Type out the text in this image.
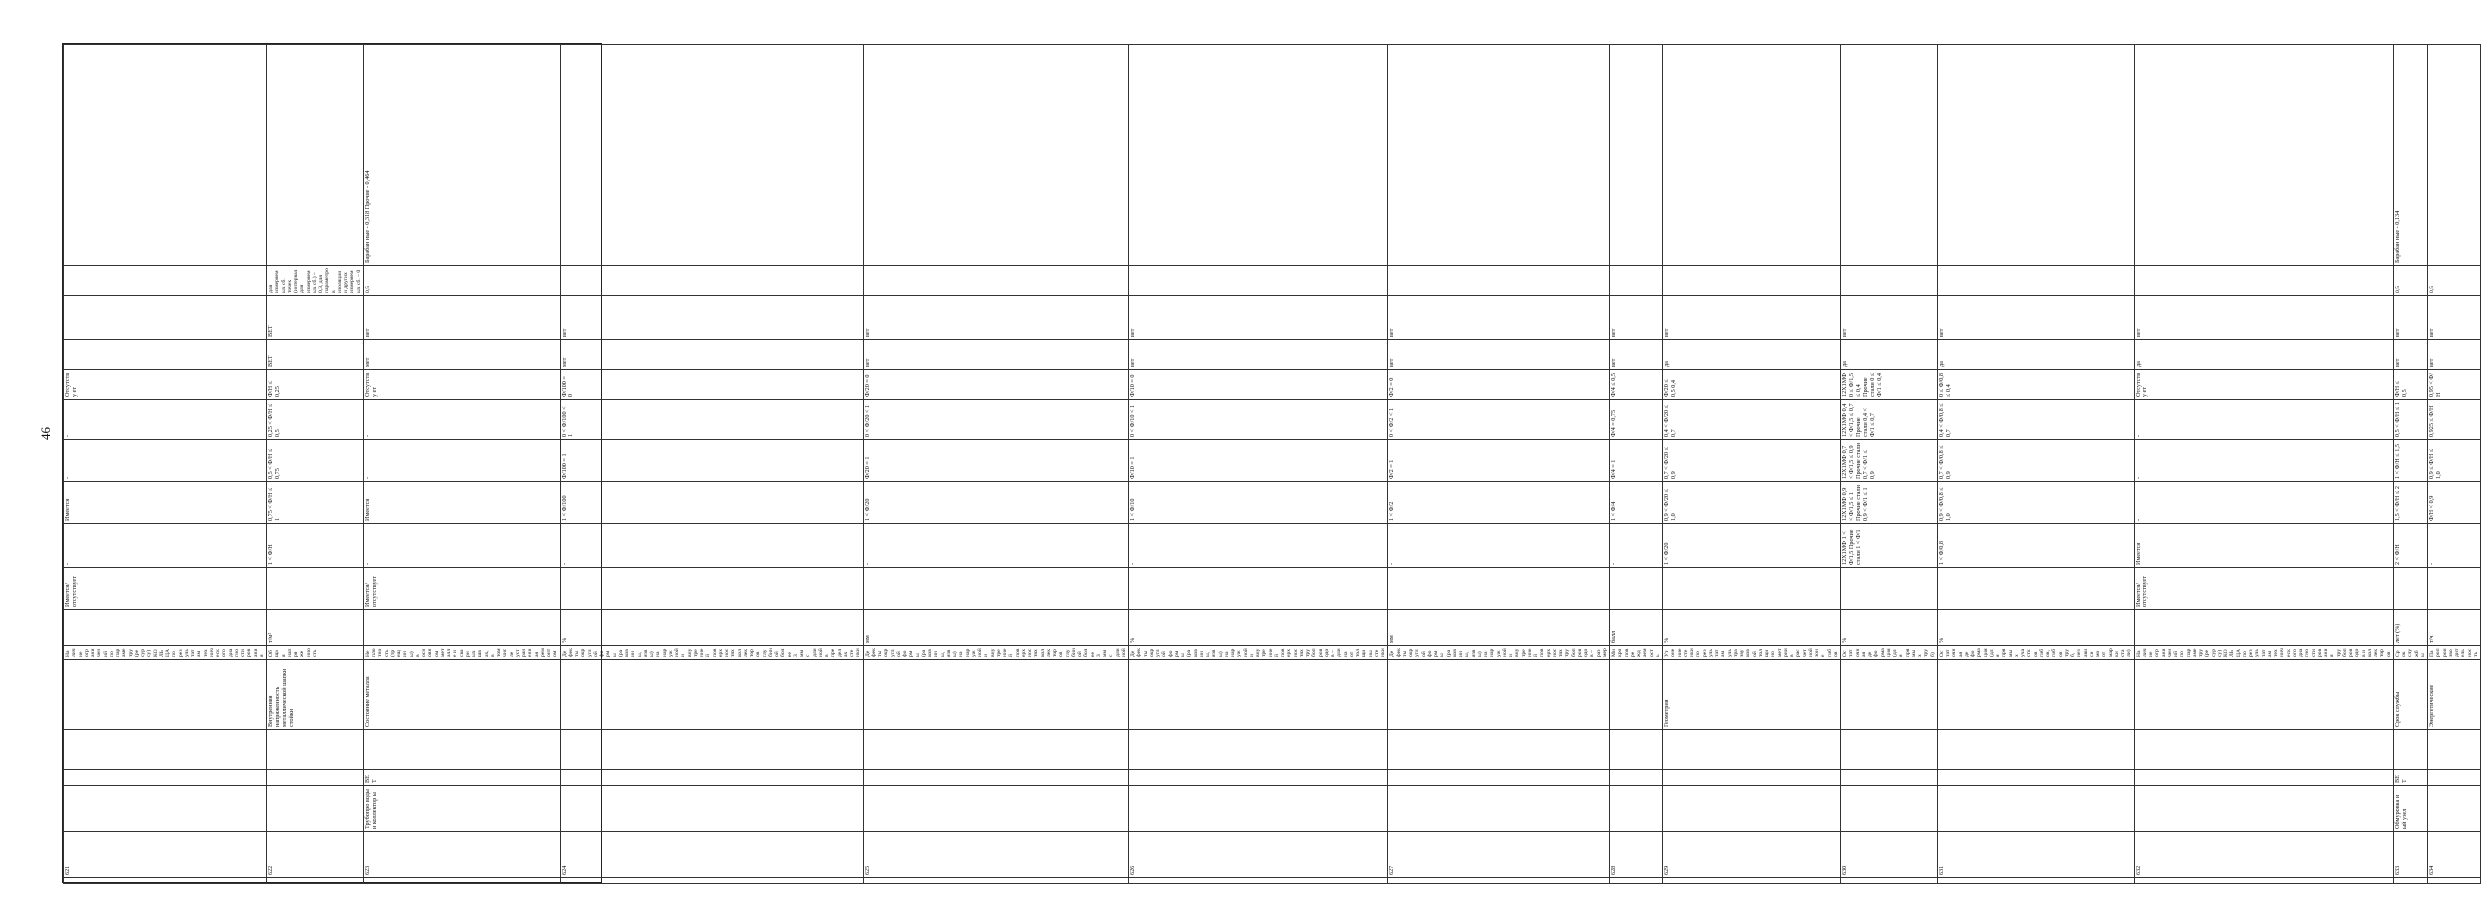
46
	621					Наличие ограничений по параметру(ресурсу) КОЛЬЦА по результатам технического диагностирования		Имеется/ отсутствует	-	Имеется	-	-	Отсутству ет				
	622				Внутренняя напряженность металлической шапки стойки	Общая напряженность	т/м²		1 < Ф/Н	0,75 < Ф/Н ≤ 1	0,5 < Ф/Н ≤ 0,75	0,25 < Ф/Н ≤ 0,5	Ф/Н ≤ 0,25	ВЕТ	ВЕТ	для измеряемых сб. точек (интервал для измеряемых сб.) – 0,3, для параметров изоляции и других измеряемых сб. – 0	
	623	Трубопро воды и коллектор ы	ВЕТ		Состояние металла	Неплотность (трещины) в основном металле и сварных швах, в том числе устраненная ремонтом		Имеется/ отсутствует	-	Имеется	-	-	Отсутству ет	мет	вет	0,5	Барабан ные - 0,318 Прочие - 0,464
	624					Дефекты округлой формы (раковины, язвы) на наружной и внутренней поверхностях коллекторов глубиной более 3 мм с длиной в пределах стенки	%		-	1 < Ф/100	Ф/100 = 1	0 < Ф/100 < 1	Ф/100 = 0	мет	вет		
	625					Дефекты округлой формы (раковины, язвы) на наружной и внутренней поверхностях коллекторов глубиной более 3 мм с длиной	мм		-	1 < Ф/20	Ф/20 = 1	0 < Ф/20 < 1	Ф/20 = 0	вет	вет		
	626					Дефекты округлой формы (раковины, язвы) на наружной и внутренней поверхностях трубопроводов – длина от толщины стенки	%		-	1 < Ф/10	Ф/10 = 1	0 < Ф/10 < 1	Ф/10 = 0	вет	вет		
	627					Дефекты округлой формы (раковины, язвы) на наружной и внутренней поверхностях трубопроводов – размер	мм		-	1 < Ф/2	Ф/2 = 1	0 < Ф/2 < 1	Ф/2 = 0	вет	вет		
	628					Микроповреждаемость	балл		-	1 < Ф/4	Ф/4 = 1	Ф/4 = 0,75	Ф/4 ≤ 0,5	вет	вет		
	629				Геометрия	Утонение стенки по результатам ультразвуковой толщинометрии в расчетной зоне гибов	%		1 < Ф/20	0,9 < Ф/20 ≤ 1,0	0,7 < Ф/20 ≤ 0,9	0,4 < Ф/20 ≤ 0,7	Ф/20 ≤ 0,5 0,4	да	вет		
	630					Остаточная деформация (для прямых труб)	%		12Х1МФ 1 < Ф/1,5 Прочие стали 1 < Ф/1	12Х1МФ 0,9 < Ф/1,5 ≤ 1 Прочие стали 0,9 < Ф/1 ≤ 1	12Х1МФ 0,7 < Ф/1,5 ≤ 0,9 Прочие стали 0,7 < Ф/1 ≤ 0,9	12Х1МФ 0,4 < Ф/1,5 ≤ 0,7 Прочие стали 0,4 < Ф/1 ≤ 0,7	12Х1МФ 0 ≤ Ф/1,5 ≤ 0,4 Прочие стали 0 ≤ Ф/1 ≤ 0,4	да	вет		
	631					Остаточная деформация (для прямых участков гибов, гибов труб, независимо от марки стали)	%		1 < Ф/0,8	0,9 < Ф/0,8 ≤ 1,0	0,7 < Ф/0,8 ≤ 0,9	0,4 < Ф/0,8 ≤ 0,7	0 ≤ Ф/0,8 ≤ 0,4	да	вет		
	632					Наличие ограничений по параметру(ресурсу) КОЛЬЦА по результатам технического диагностирования трубопроводов и коллекторов		Имеется/ отсутствует	Имеется	-	-	-	Отсутству ет	да	вет		
	633	Обмуровка и ый узел	ВЕТ		Срок службы	Срок службы	лет (%)		2 < Ф/Н	1,5 < Ф/Н ≤ 2	1 < Ф/Н ≤ 1,5	0,5 < Ф/Н ≤ 1	Ф/Н ≤ 0,5	вет	вет	0,5	Барабан ные - 0,134
	634				Энергетические	Паропроизводительность	т/ч		-	Ф/Н < 0,9	0,9 ≤ Ф/Н ≤ 1,0	0,925 ≤ Ф/Н	0,95 < Ф/Н	вет	вет	0,5	
